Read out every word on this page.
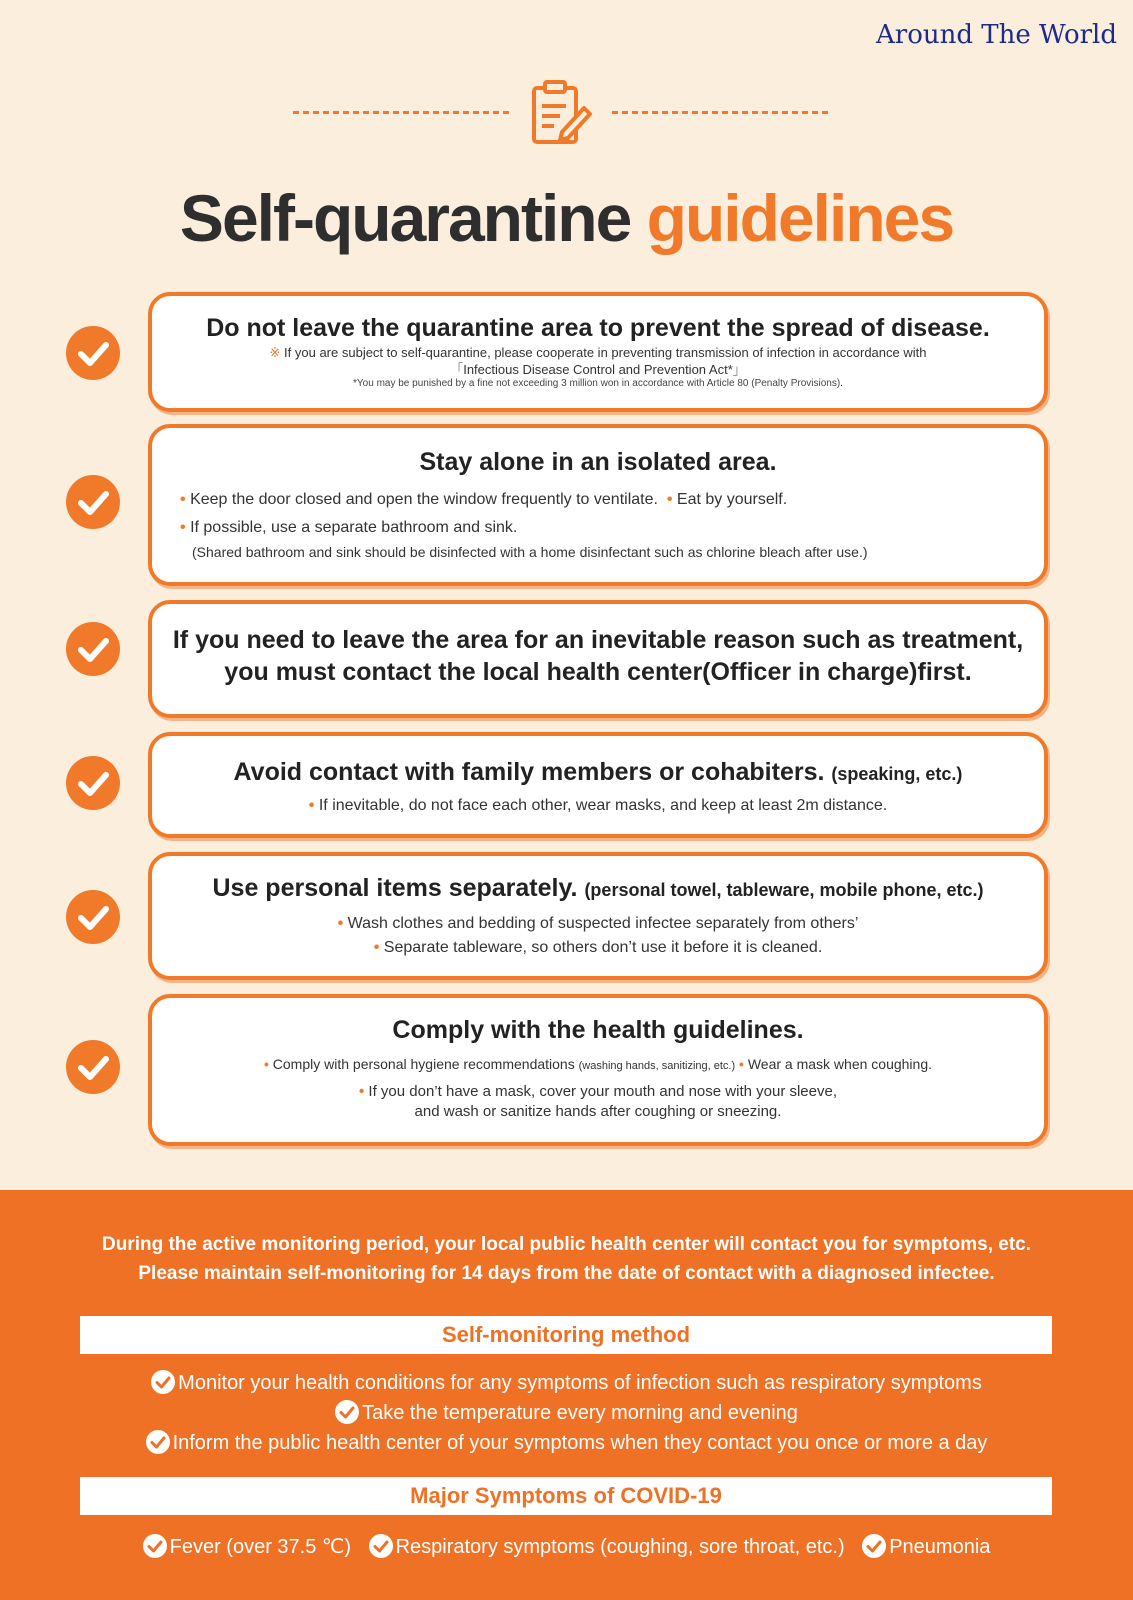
Around The World
Self-quarantine guidelines
Do not leave the quarantine area to prevent the spread of disease.
※ If you are subject to self-quarantine, please cooperate in preventing transmission of infection in accordance with
「Infectious Disease Control and Prevention Act*」
*You may be punished by a fine not exceeding 3 million won in accordance with Article 80 (Penalty Provisions).
Stay alone in an isolated area.
• Keep the door closed and open the window frequently to ventilate. • Eat by yourself.
• If possible, use a separate bathroom and sink.
(Shared bathroom and sink should be disinfected with a home disinfectant such as chlorine bleach after use.)
If you need to leave the area for an inevitable reason such as treatment,
you must contact the local health center(Officer in charge)first.
Avoid contact with family members or cohabiters. (speaking, etc.)
• If inevitable, do not face each other, wear masks, and keep at least 2m distance.
Use personal items separately. (personal towel, tableware, mobile phone, etc.)
• Wash clothes and bedding of suspected infectee separately from others’
• Separate tableware, so others don’t use it before it is cleaned.
Comply with the health guidelines.
• Comply with personal hygiene recommendations (washing hands, sanitizing, etc.) • Wear a mask when coughing.
• If you don’t have a mask, cover your mouth and nose with your sleeve,
and wash or sanitize hands after coughing or sneezing.
During the active monitoring period, your local public health center will contact you for symptoms, etc.
Please maintain self-monitoring for 14 days from the date of contact with a diagnosed infectee.
Self-monitoring method
Monitor your health conditions for any symptoms of infection such as respiratory symptoms
Take the temperature every morning and evening
Inform the public health center of your symptoms when they contact you once or more a day
Major Symptoms of COVID-19
Fever (over 37.5 ℃) Respiratory symptoms (coughing, sore throat, etc.) Pneumonia
